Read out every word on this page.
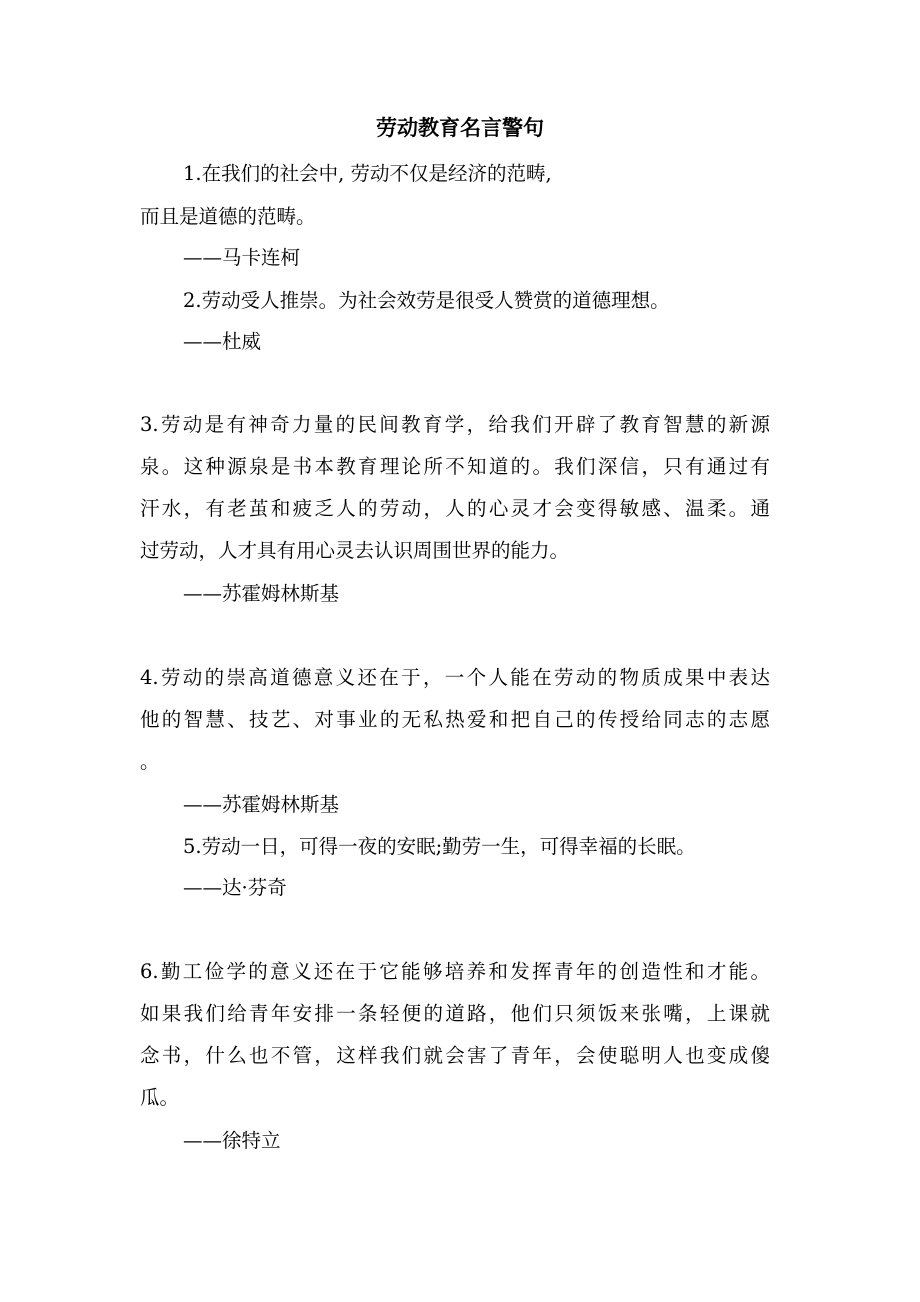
劳动教育名言警句

1.在我们的社会中, 劳动不仅是经济的范畴,

而且是道德的范畴。

——马卡连柯

2.劳动受人推崇。为社会效劳是很受人赞赏的道德理想。

——杜威

3.劳动是有神奇力量的民间教育学，给我们开辟了教育智慧的新源

泉。这种源泉是书本教育理论所不知道的。我们深信，只有通过有

汗水，有老茧和疲乏人的劳动，人的心灵才会变得敏感、温柔。通

过劳动，人才具有用心灵去认识周围世界的能力。

——苏霍姆林斯基

4.劳动的崇高道德意义还在于，一个人能在劳动的物质成果中表达

他的智慧、技艺、对事业的无私热爱和把自己的传授给同志的志愿

。

——苏霍姆林斯基

5.劳动一日，可得一夜的安眠;勤劳一生，可得幸福的长眠。

——达·芬奇

6.勤工俭学的意义还在于它能够培养和发挥青年的创造性和才能。

如果我们给青年安排一条轻便的道路，他们只须饭来张嘴，上课就

念书，什么也不管，这样我们就会害了青年，会使聪明人也变成傻

瓜。

——徐特立
